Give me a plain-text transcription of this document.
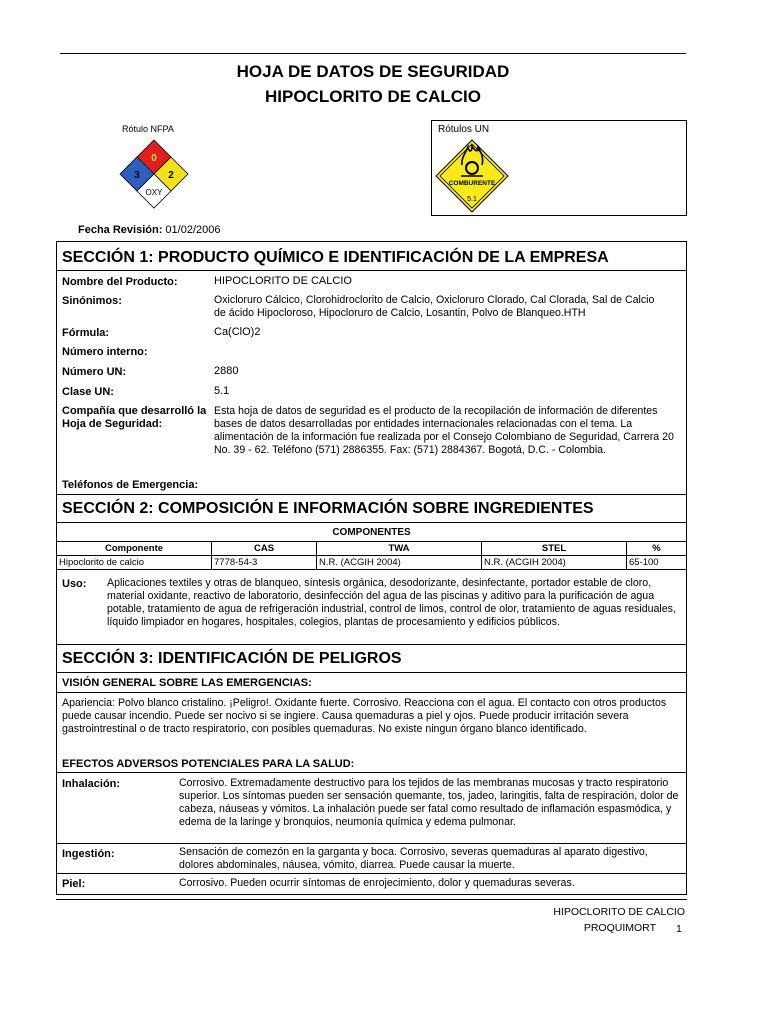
HOJA DE DATOS DE SEGURIDAD
HIPOCLORITO DE CALCIO
Rótulo NFPA
0
3	2
OXY
Rótulos UN
COMBURENTE
5.1
Fecha Revisión: 01/02/2006
SECCIÓN 1: PRODUCTO QUÍMICO E IDENTIFICACIÓN DE LA EMPRESA
Nombre del Producto:	HIPOCLORITO DE CALCIO
Sinónimos:	Oxicloruro Cálcico, Clorohidroclorito de Calcio, Oxicloruro Clorado, Cal Clorada, Sal de Calcio de ácido Hipocloroso, Hipocloruro de Calcio, Losantin, Polvo de Blanqueo.HTH
Fórmula:	Ca(ClO)2
Número interno:
Número UN:	2880
Clase UN:	5.1
Compañía que desarrolló la Hoja de Seguridad:
Esta hoja de datos de seguridad es el producto de la recopilación de información de diferentes bases de datos desarrolladas por entidades internacionales relacionadas con el tema. La alimentación de la información fue realizada por el Consejo Colombiano de Seguridad, Carrera 20 No. 39 - 62. Teléfono (571) 2886355. Fax: (571) 2884367. Bogotá, D.C. - Colombia.
Teléfonos de Emergencia:
SECCIÓN 2: COMPOSICIÓN E INFORMACIÓN SOBRE INGREDIENTES
COMPONENTES
Componente	CAS	TWA	STEL	%
Hipoclorito de calcio	7778-54-3	N.R. (ACGIH 2004)	N.R. (ACGIH 2004)	65-100
Uso: Aplicaciones textiles y otras de blanqueo, síntesis orgánica, desodorizante, desinfectante, portador estable de cloro, material oxidante, reactivo de laboratorio, desinfección del agua de las piscinas y aditivo para la purificación de agua potable, tratamiento de agua de refrigeración industrial, control de limos, control de olor, tratamiento de aguas residuales, líquido limpiador en hogares, hospitales, colegios, plantas de procesamiento y edificios públicos.
SECCIÓN 3: IDENTIFICACIÓN DE PELIGROS
VISIÓN GENERAL SOBRE LAS EMERGENCIAS:
Apariencia: Polvo blanco cristalino. ¡Peligro!. Oxidante fuerte. Corrosivo. Reacciona con el agua. El contacto con otros productos puede causar incendio. Puede ser nocivo si se ingiere. Causa quemaduras a piel y ojos. Puede producir irritación severa gastrointrestinal o de tracto respiratorio, con posibles quemaduras. No existe ningun órgano blanco identificado.
EFECTOS ADVERSOS POTENCIALES PARA LA SALUD:
Inhalación:	Corrosivo. Extremadamente destructivo para los tejidos de las membranas mucosas y tracto respiratorio superior. Los síntomas pueden ser sensación quemante, tos, jadeo, laringitis, falta de respiración, dolor de cabeza, náuseas y vómitos. La inhalación puede ser fatal como resultado de inflamación espasmódica, y edema de la laringe y bronquios, neumonía química y edema pulmonar.
Ingestión:	Sensación de comezón en la garganta y boca. Corrosivo, severas quemaduras al aparato digestivo, dolores abdominales, náusea, vómito, diarrea. Puede causar la muerte.
Piel:	Corrosivo. Pueden ocurrir síntomas de enrojecimiento, dolor y quemaduras severas.
HIPOCLORITO DE CALCIO
PROQUIMORT 1
